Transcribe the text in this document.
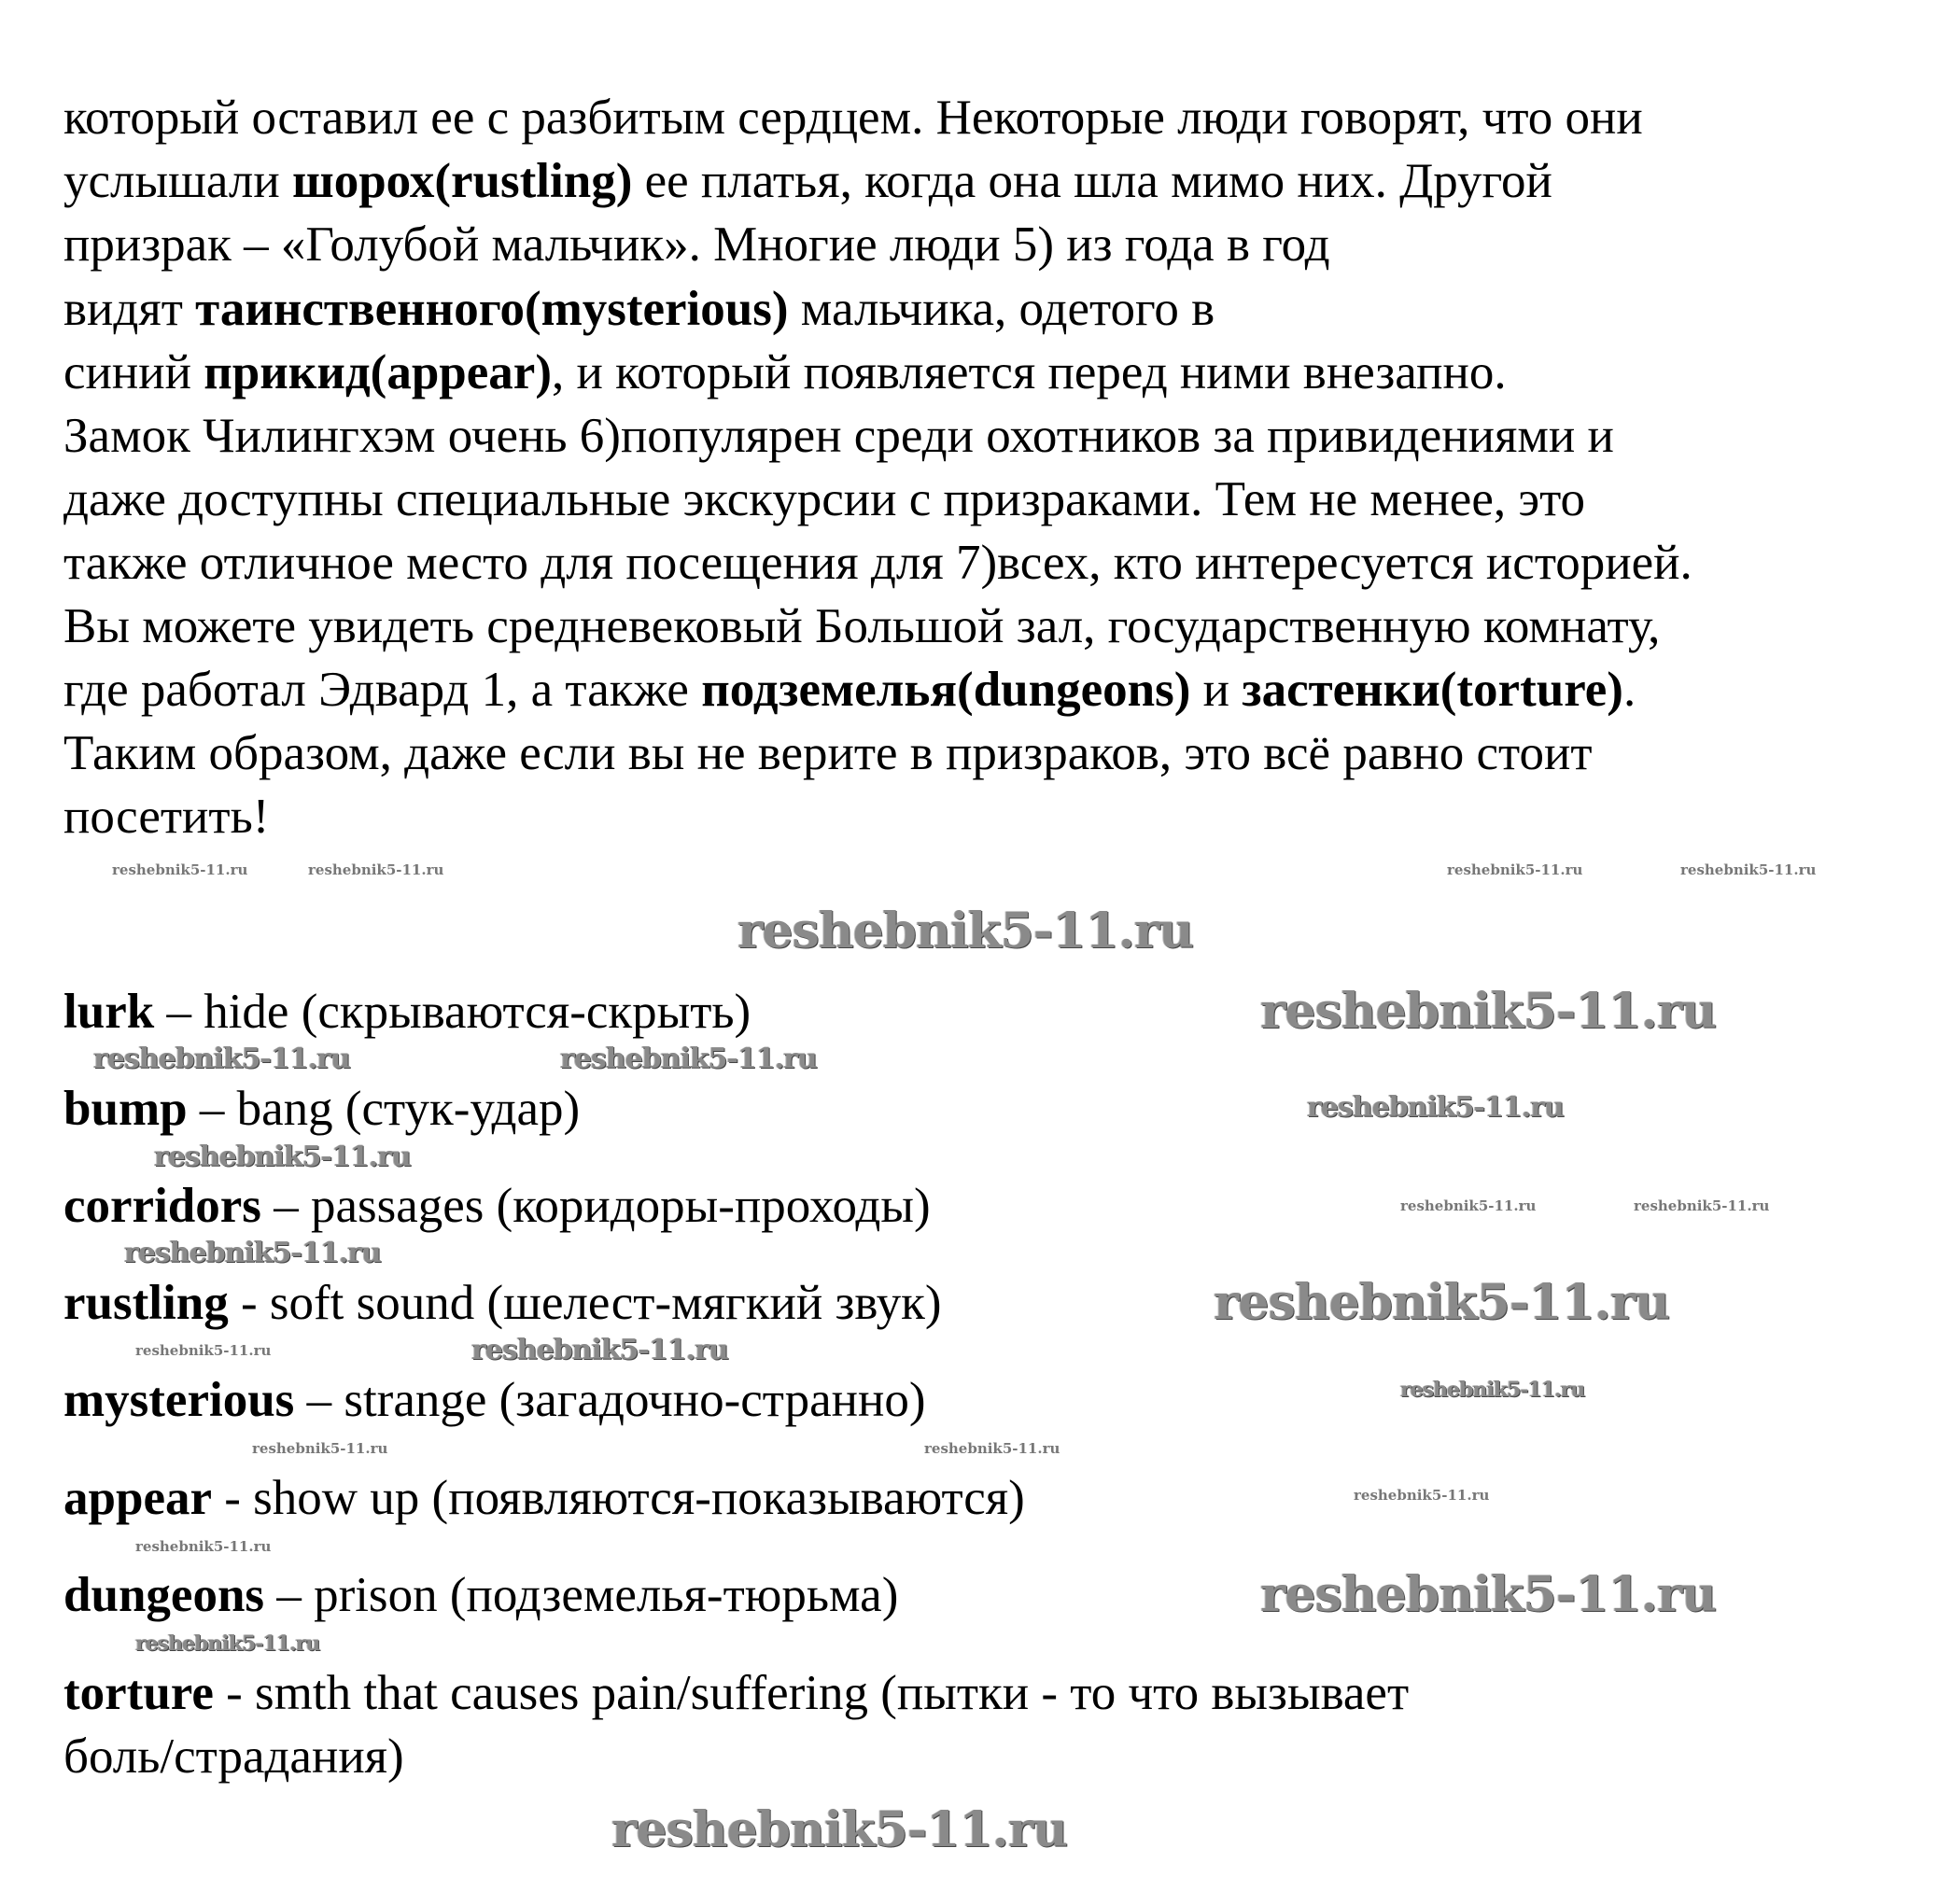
который оставил ее с разбитым сердцем. Некоторые люди говорят, что они
услышали шорох(rustling) ее платья, когда она шла мимо них. Другой
призрак – «Голубой мальчик». Многие люди 5) из года в год
видят таинственного(mysterious) мальчика, одетого в
синий прикид(appear), и который появляется перед ними внезапно.
Замок Чилингхэм очень 6)популярен среди охотников за привидениями и
даже доступны специальные экскурсии с призраками. Тем не менее, это
также отличное место для посещения для 7)всех, кто интересуется историей.
Вы можете увидеть средневековый Большой зал, государственную комнату,
где работал Эдвард 1, а также подземелья(dungeons) и застенки(torture).
Таким образом, даже если вы не верите в призраков, это всё равно стоит
посетить!
lurk – hide (скрываются-скрыть)
bump – bang (стук-удар)
corridors – passages (коридоры-проходы)
rustling - soft sound (шелест-мягкий звук)
mysterious – strange (загадочно-странно)
appear - show up (появляются-показываются)
dungeons – prison (подземелья-тюрьма)
torture - smth that causes pain/suffering (пытки - то что вызывает
боль/страдания)
reshebnik5-11.ru
reshebnik5-11.ru	reshebnik5-11.ru	reshebnik5-11.ru	reshebnik5-11.ru
reshebnik5-11.ru
reshebnik5-11.ru	reshebnik5-11.ru
reshebnik5-11.ru
reshebnik5-11.ru
reshebnik5-11.ru	reshebnik5-11.ru
reshebnik5-11.ru
reshebnik5-11.ru
reshebnik5-11.ru	reshebnik5-11.ru
reshebnik5-11.ru
reshebnik5-11.ru	reshebnik5-11.ru
reshebnik5-11.ru
reshebnik5-11.ru
reshebnik5-11.ru
reshebnik5-11.ru
reshebnik5-11.ru
